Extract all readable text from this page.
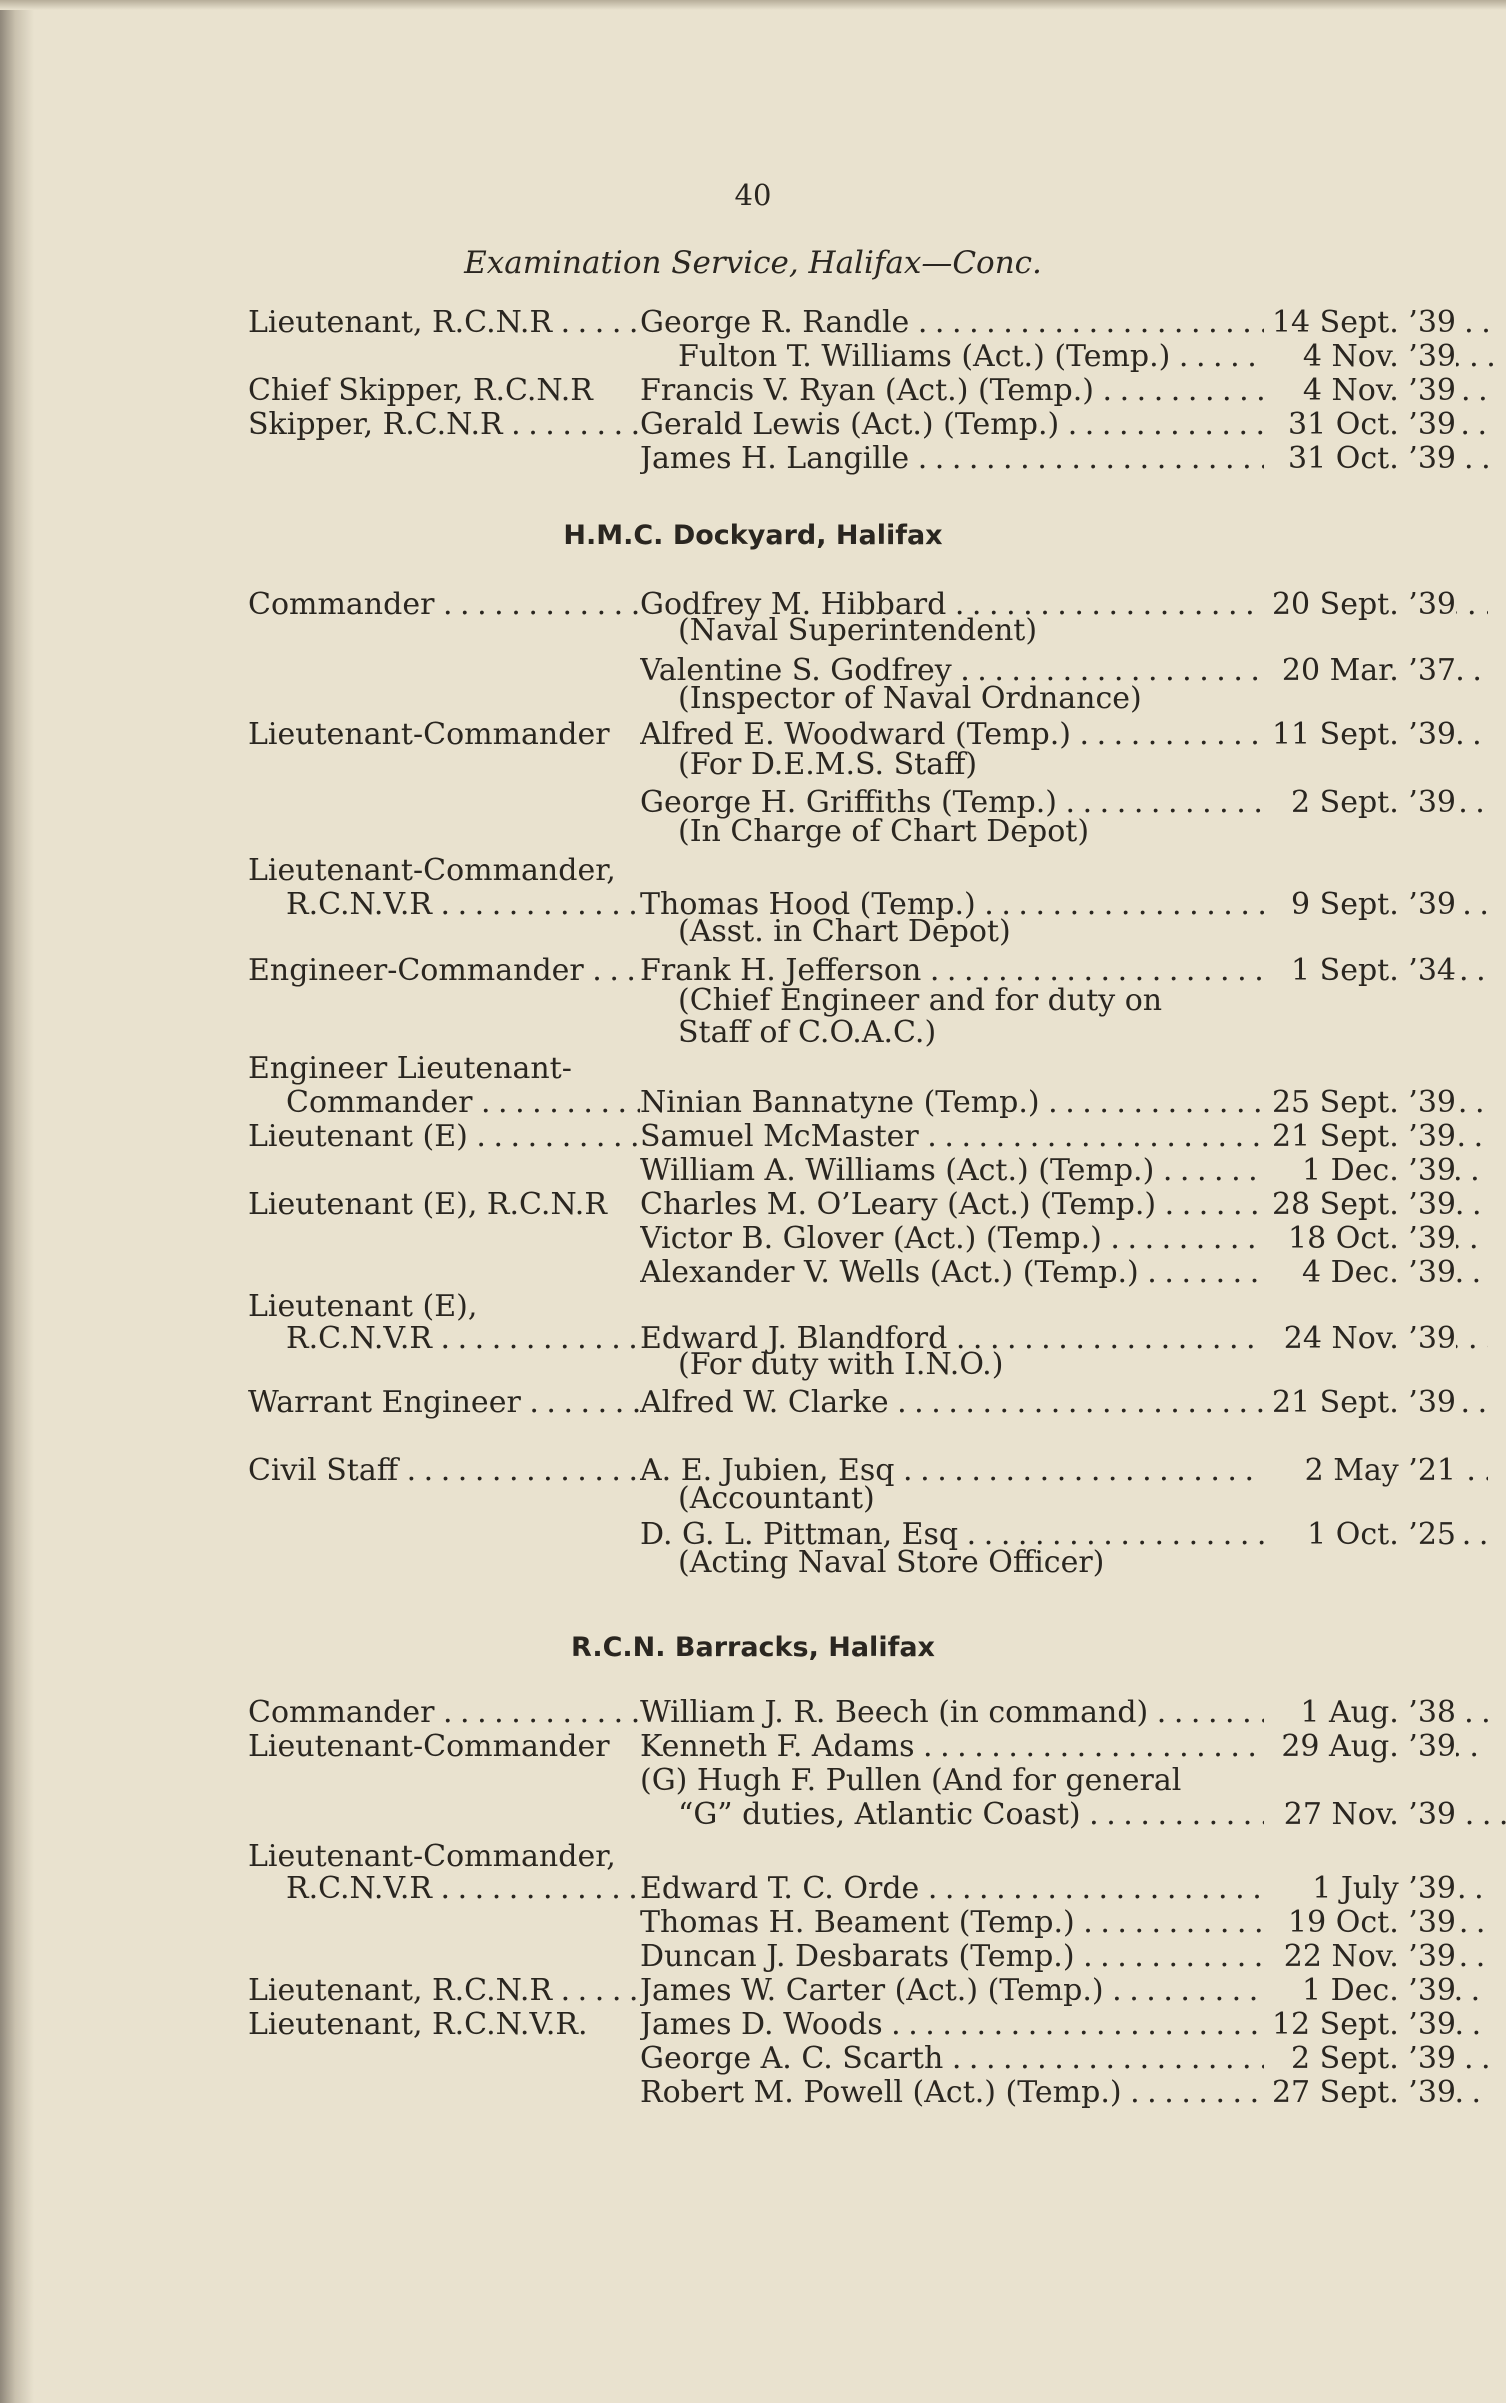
40
Examination Service, Halifax—Conc.
Lieutenant, R.C.N.R . . .	George R. Randle . . .	14 Sept. ’39
Fulton T. Williams (Act.) (Temp.) . . .	4 Nov. ’39
Chief Skipper, R.C.N.R	Francis V. Ryan (Act.) (Temp.) . . .	4 Nov. ’39
Skipper, R.C.N.R . . .	Gerald Lewis (Act.) (Temp.) . . .	31 Oct. ’39
James H. Langille . . .	31 Oct. ’39
H.M.C. Dockyard, Halifax
Commander . . .	Godfrey M. Hibbard . . .	20 Sept. ’39
(Naval Superintendent)
Valentine S. Godfrey . . .	20 Mar. ’37
(Inspector of Naval Ordnance)
Lieutenant-Commander	Alfred E. Woodward (Temp.) . . .	11 Sept. ’39
(For D.E.M.S. Staff)
George H. Griffiths (Temp.) . . .	2 Sept. ’39
(In Charge of Chart Depot)
Lieutenant-Commander,
R.C.N.V.R . . .	Thomas Hood (Temp.) . . .	9 Sept. ’39
(Asst. in Chart Depot)
Engineer-Commander . . .	Frank H. Jefferson . . .	1 Sept. ’34
(Chief Engineer and for duty on
Staff of C.O.A.C.)
Engineer Lieutenant-
Commander . . .	Ninian Bannatyne (Temp.) . . .	25 Sept. ’39
Lieutenant (E) . . .	Samuel McMaster . . .	21 Sept. ’39
William A. Williams (Act.) (Temp.) . . .	1 Dec. ’39
Lieutenant (E), R.C.N.R	Charles M. O’Leary (Act.) (Temp.) . . .	28 Sept. ’39
Victor B. Glover (Act.) (Temp.) . . .	18 Oct. ’39
Alexander V. Wells (Act.) (Temp.) . . .	4 Dec. ’39
Lieutenant (E),
R.C.N.V.R . . .	Edward J. Blandford . . .	24 Nov. ’39
(For duty with I.N.O.)
Warrant Engineer . . .	Alfred W. Clarke . . .	21 Sept. ’39
Civil Staff . . .	A. E. Jubien, Esq . . .	2 May ’21
(Accountant)
D. G. L. Pittman, Esq . . .	1 Oct. ’25
(Acting Naval Store Officer)
R.C.N. Barracks, Halifax
Commander . . .	William J. R. Beech (in command) . . .	1 Aug. ’38
Lieutenant-Commander	Kenneth F. Adams . . .	29 Aug. ’39
(G) Hugh F. Pullen (And for general
“G” duties, Atlantic Coast) . . .	27 Nov. ’39
Lieutenant-Commander,
R.C.N.V.R . . .	Edward T. C. Orde . . .	1 July ’39
Thomas H. Beament (Temp.) . . .	19 Oct. ’39
Duncan J. Desbarats (Temp.) . . .	22 Nov. ’39
Lieutenant, R.C.N.R . . .	James W. Carter (Act.) (Temp.) . . .	1 Dec. ’39
Lieutenant, R.C.N.V.R.	James D. Woods . . .	12 Sept. ’39
George A. C. Scarth . . .	2 Sept. ’39
Robert M. Powell (Act.) (Temp.) . . .	27 Sept. ’39
